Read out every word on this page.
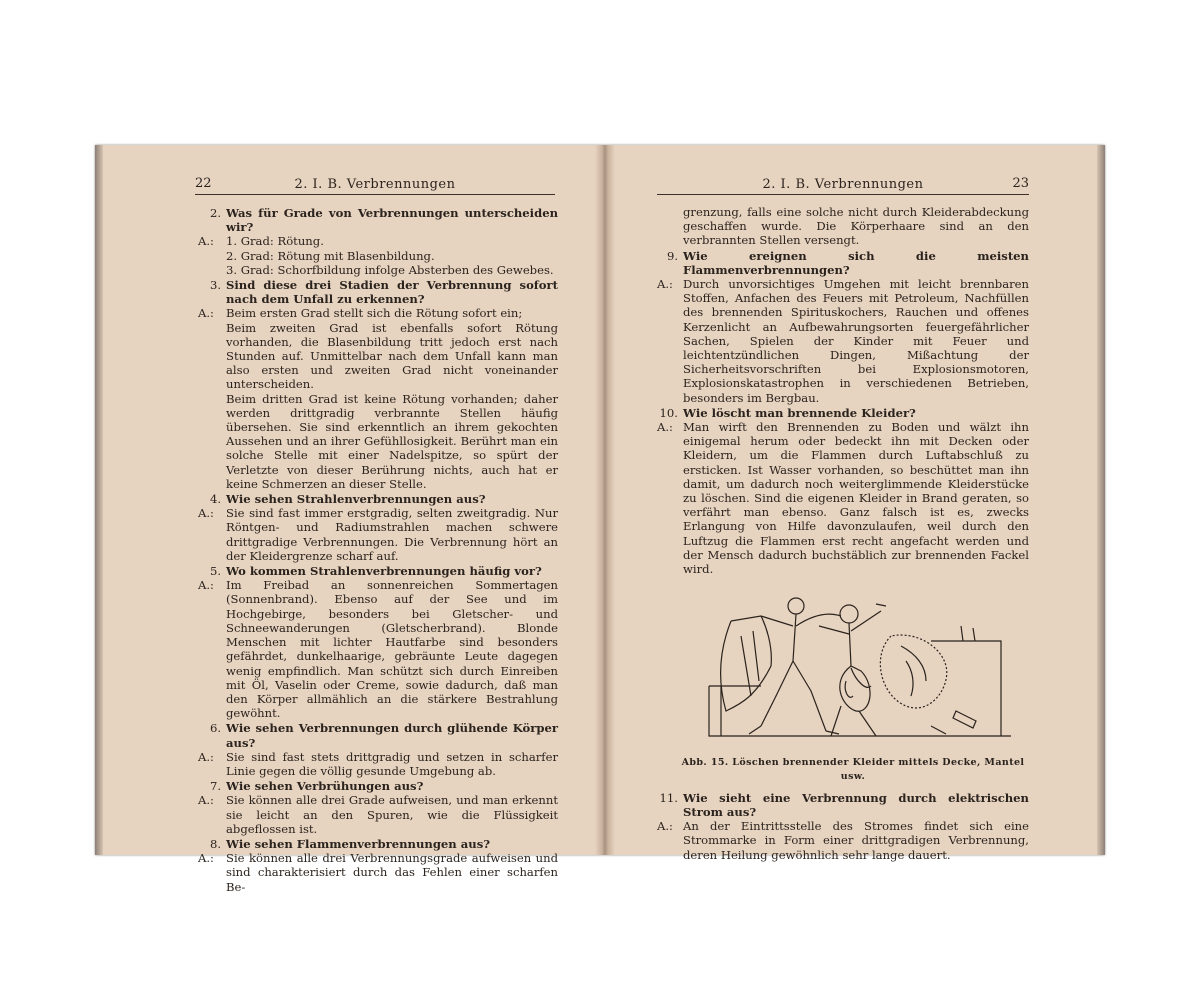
22	2. I. B. Verbrennungen
2. Was für Grade von Verbrennungen unterscheiden wir?
A.:	1. Grad: Rötung.
2. Grad: Rötung mit Blasenbildung.
3. Grad: Schorfbildung infolge Absterben des Gewebes.
3. Sind diese drei Stadien der Verbrennung sofort nach dem Unfall zu erkennen?
A.:	Beim ersten Grad stellt sich die Rötung sofort ein;
Beim zweiten Grad ist ebenfalls sofort Rötung vorhanden, die Blasenbildung tritt jedoch erst nach Stunden auf. Unmittelbar nach dem Unfall kann man also ersten und zweiten Grad nicht voneinander unterscheiden.
Beim dritten Grad ist keine Rötung vorhanden; daher werden drittgradig verbrannte Stellen häufig übersehen. Sie sind erkenntlich an ihrem gekochten Aussehen und an ihrer Gefühllosigkeit. Berührt man ein solche Stelle mit einer Nadelspitze, so spürt der Verletzte von dieser Berührung nichts, auch hat er keine Schmerzen an dieser Stelle.
4. Wie sehen Strahlenverbrennungen aus?
A.:	Sie sind fast immer erstgradig, selten zweitgradig. Nur Röntgen- und Radiumstrahlen machen schwere drittgradige Verbrennungen. Die Verbrennung hört an der Kleidergrenze scharf auf.
5. Wo kommen Strahlenverbrennungen häufig vor?
A.:	Im Freibad an sonnenreichen Sommertagen (Sonnenbrand). Ebenso auf der See und im Hochgebirge, besonders bei Gletscher- und Schneewanderungen (Gletscherbrand). Blonde Menschen mit lichter Hautfarbe sind besonders gefährdet, dunkelhaarige, gebräunte Leute dagegen wenig empfindlich. Man schützt sich durch Einreiben mit Öl, Vaselin oder Creme, sowie dadurch, daß man den Körper allmählich an die stärkere Bestrahlung gewöhnt.
6. Wie sehen Verbrennungen durch glühende Körper aus?
A.:	Sie sind fast stets drittgradig und setzen in scharfer Linie gegen die völlig gesunde Umgebung ab.
7. Wie sehen Verbrühungen aus?
A.:	Sie können alle drei Grade aufweisen, und man erkennt sie leicht an den Spuren, wie die Flüssigkeit abgeflossen ist.
8. Wie sehen Flammenverbrennungen aus?
A.:	Sie können alle drei Verbrennungsgrade aufweisen und sind charakterisiert durch das Fehlen einer scharfen Be-
2. I. B. Verbrennungen	23
grenzung, falls eine solche nicht durch Kleiderabdeckung geschaffen wurde. Die Körperhaare sind an den verbrannten Stellen versengt.
9. Wie ereignen sich die meisten Flammenverbrennungen?
A.: Durch unvorsichtiges Umgehen mit leicht brennbaren Stoffen, Anfachen des Feuers mit Petroleum, Nachfüllen des brennenden Spirituskochers, Rauchen und offenes Kerzenlicht an Aufbewahrungsorten feuergefährlicher Sachen, Spielen der Kinder mit Feuer und leichtentzündlichen Dingen, Mißachtung der Sicherheitsvorschriften bei Explosionsmotoren, Explosionskatastrophen in verschiedenen Betrieben, besonders im Bergbau.
10. Wie löscht man brennende Kleider?
A.: Man wirft den Brennenden zu Boden und wälzt ihn einigemal herum oder bedeckt ihn mit Decken oder Kleidern, um die Flammen durch Luftabschluß zu ersticken. Ist Wasser vorhanden, so beschüttet man ihn damit, um dadurch noch weiterglimmende Kleiderstücke zu löschen. Sind die eigenen Kleider in Brand geraten, so verfährt man ebenso. Ganz falsch ist es, zwecks Erlangung von Hilfe davonzulaufen, weil durch den Luftzug die Flammen erst recht angefacht werden und der Mensch dadurch buchstäblich zur brennenden Fackel wird.
Abb. 15. Löschen brennender Kleider mittels Decke, Mantel usw.
11. Wie sieht eine Verbrennung durch elektrischen Strom aus?
A.: An der Eintrittsstelle des Stromes findet sich eine Strommarke in Form einer drittgradigen Verbrennung, deren Heilung gewöhnlich sehr lange dauert.
